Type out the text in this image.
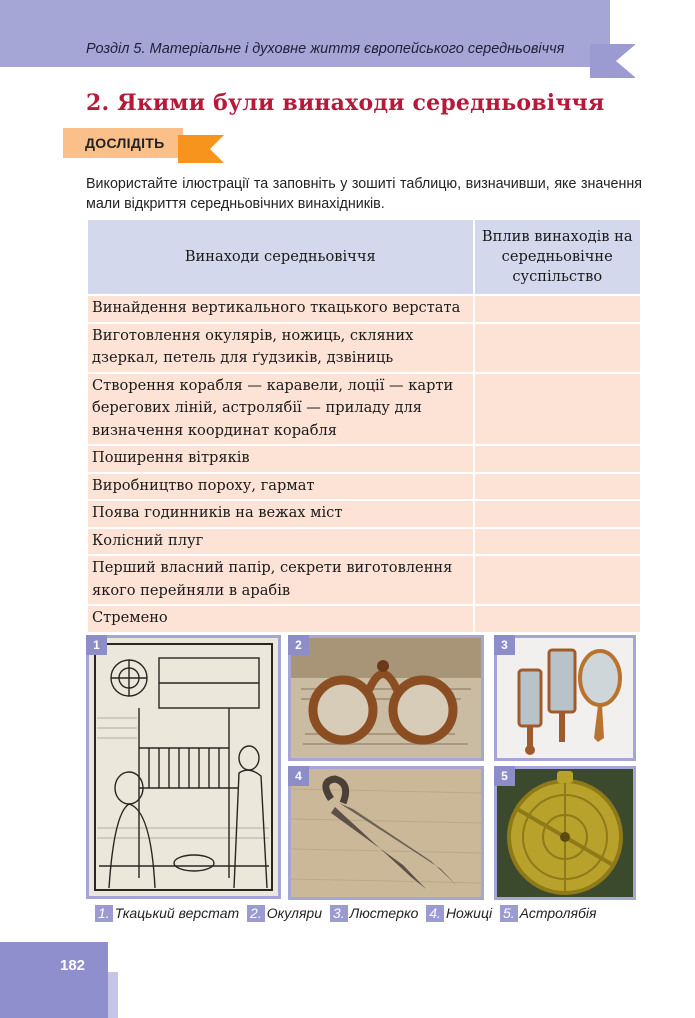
Розділ 5. Матеріальне і духовне життя європейського середньовіччя
2. Якими були винаходи середньовіччя
ДОСЛІДІТЬ
Використайте ілюстрації та заповніть у зошиті таблицю, визначивши, яке значення мали відкриття середньовічних винахідників.
Винаходи середньовіччя	Вплив винаходів на середньовічне суспільство
Винайдення вертикального ткацького верстата	
Виготовлення окулярів, ножиць, скляних дзеркал, петель для ґудзиків, дзвіниць	
Створення корабля — каравели, лоції — карти берегових ліній, астролябії — приладу для визначення координат корабля	
Поширення вітряків	
Виробництво пороху, гармат	
Поява годинників на вежах міст	
Колісний плуг	
Перший власний папір, секрети виготовлення якого перейняли в арабів	
Стремено	
1	2	3
4	5
1. Ткацький верстат 2. Окуляри 3. Люстерко 4. Ножиці 5. Астролябія
182
